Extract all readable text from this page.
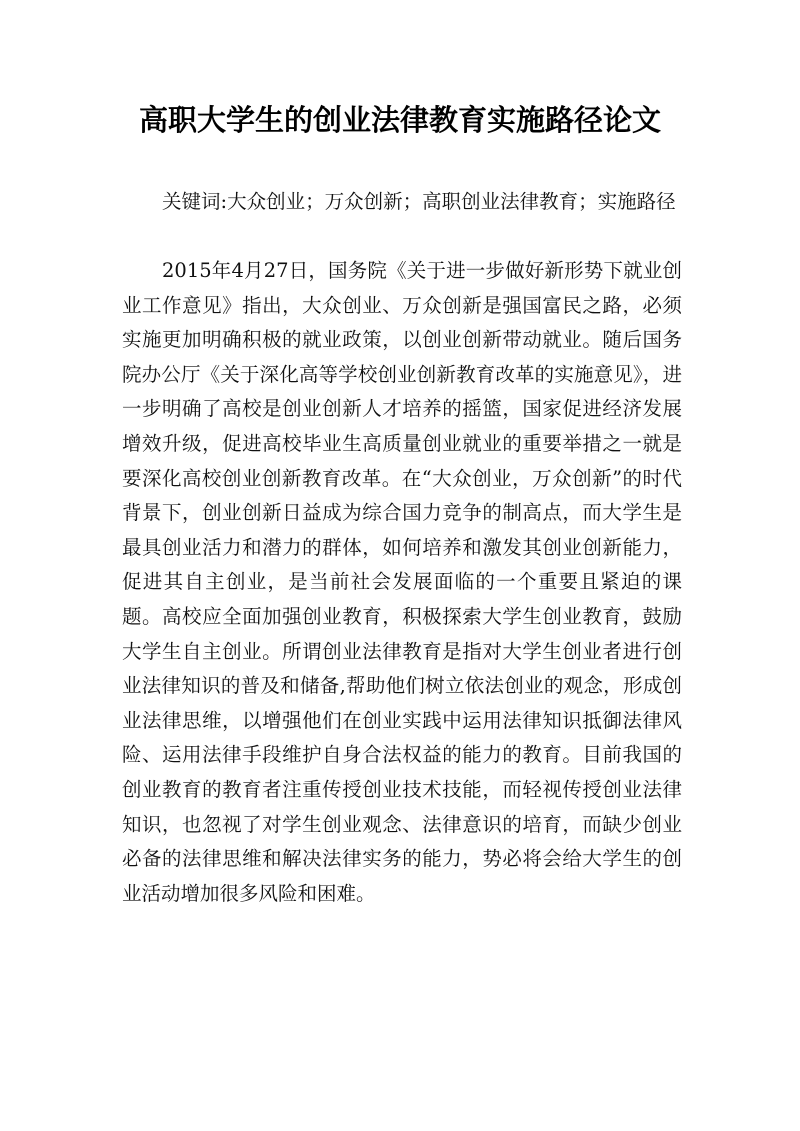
高职大学生的创业法律教育实施路径论文

关键词:大众创业；万众创新；高职创业法律教育；实施路径

2015年4月27日，国务院《关于进一步做好新形势下就业创业工作意见》指出，大众创业、万众创新是强国富民之路，必须实施更加明确积极的就业政策，以创业创新带动就业。随后国务院办公厅《关于深化高等学校创业创新教育改革的实施意见》，进一步明确了高校是创业创新人才培养的摇篮，国家促进经济发展增效升级，促进高校毕业生高质量创业就业的重要举措之一就是要深化高校创业创新教育改革。在“大众创业，万众创新”的时代背景下，创业创新日益成为综合国力竞争的制高点，而大学生是最具创业活力和潜力的群体，如何培养和激发其创业创新能力，促进其自主创业，是当前社会发展面临的一个重要且紧迫的课题。高校应全面加强创业教育，积极探索大学生创业教育，鼓励大学生自主创业。所谓创业法律教育是指对大学生创业者进行创业法律知识的普及和储备,帮助他们树立依法创业的观念，形成创业法律思维，以增强他们在创业实践中运用法律知识抵御法律风险、运用法律手段维护自身合法权益的能力的教育。目前我国的创业教育的教育者注重传授创业技术技能，而轻视传授创业法律知识，也忽视了对学生创业观念、法律意识的培育，而缺少创业必备的法律思维和解决法律实务的能力，势必将会给大学生的创业活动增加很多风险和困难。
